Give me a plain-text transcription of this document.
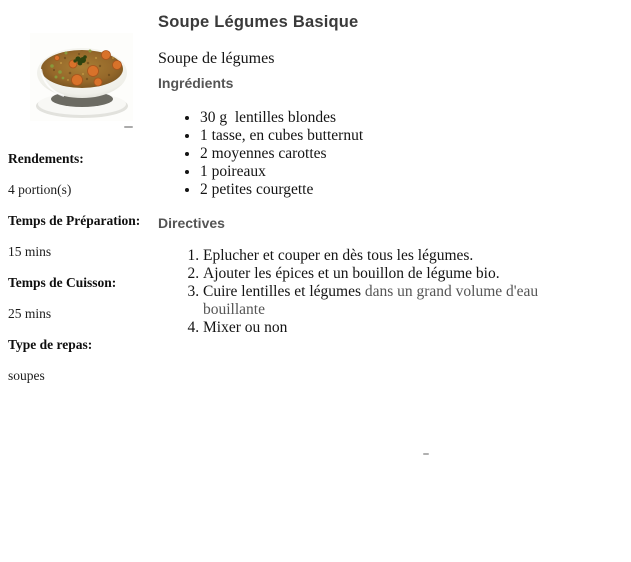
Rendements:

4 portion(s)

Temps de Préparation:

15 mins

Temps de Cuisson:

25 mins

Type de repas:

soupes

Soupe Légumes Basique

Soupe de légumes

Ingrédients
• 30 g  lentilles blondes
• 1 tasse, en cubes butternut
• 2 moyennes carottes
• 1 poireaux
• 2 petites courgette
Directives
1. Eplucher et couper en dès tous les légumes.
2. Ajouter les épices et un bouillon de légume bio.
3. Cuire lentilles et légumes dans un grand volume d'eau bouillante
4. Mixer ou non
